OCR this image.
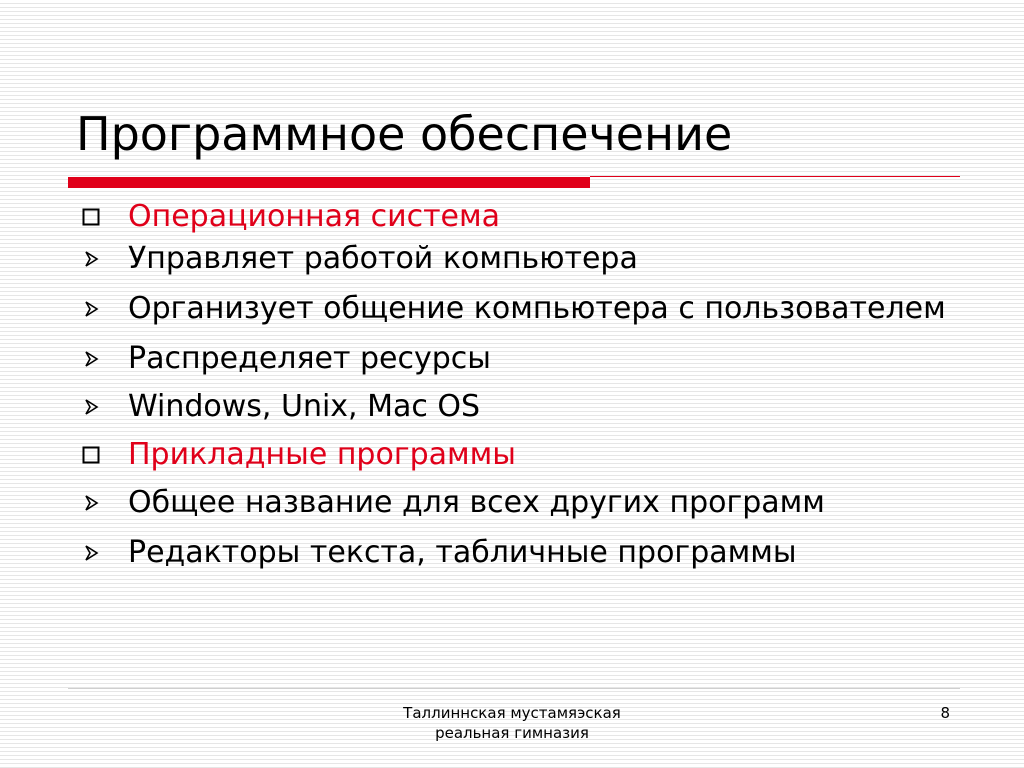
Программное обеспечение
Операционная система
Управляет работой компьютера
Организует общение компьютера с пользователем
Распределяет ресурсы
Windows, Unix, Mac OS
Прикладные программы
Общее название для всех других программ
Редакторы текста, табличные программы
Таллиннская мустамяэская
реальная гимназия
8
